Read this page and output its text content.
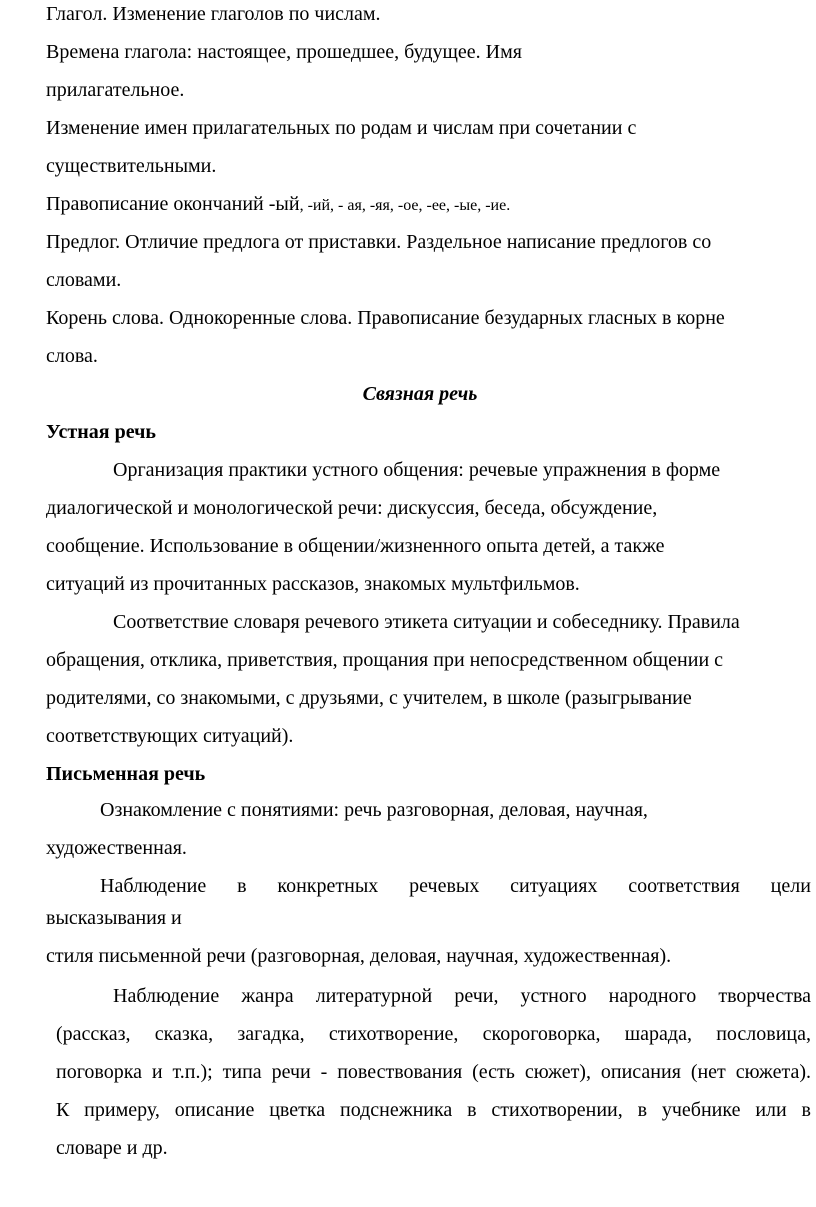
Глагол. Изменение глаголов по числам.
Времена глагола: настоящее, прошедшее, будущее. Имя
прилагательное.
Изменение имен прилагательных по родам и числам при сочетании с
существительными.
Правописание окончаний -ый, -ий, - ая, -яя, -ое, -ее, -ые, -ие.
Предлог. Отличие предлога от приставки. Раздельное написание предлогов со
словами.
Корень слова. Однокоренные слова. Правописание безударных гласных в корне
слова.
Связная речь
Устная речь
Организация практики устного общения: речевые упражнения в форме
диалогической и монологической речи: дискуссия, беседа, обсуждение,
сообщение. Использование в общении/жизненного опыта детей, а также
ситуаций из прочитанных рассказов, знакомых мультфильмов.
Соответствие словаря речевого этикета ситуации и собеседнику. Правила
обращения, отклика, приветствия, прощания при непосредственном общении с
родителями, со знакомыми, с друзьями, с учителем, в школе (разыгрывание
соответствующих ситуаций).
Письменная речь
Ознакомление с понятиями: речь разговорная, деловая, научная,
художественная.
Наблюдение в конкретных речевых ситуациях соответствия цели
высказывания и
стиля письменной речи (разговорная, деловая, научная, художественная).
Наблюдение жанра литературной речи, устного народного творчества
(рассказ, сказка, загадка, стихотворение, скороговорка, шарада, пословица,
поговорка и т.п.); типа речи - повествования (есть сюжет), описания (нет сюжета).
К примеру, описание цветка подснежника в стихотворении, в учебнике или в
словаре и др.
